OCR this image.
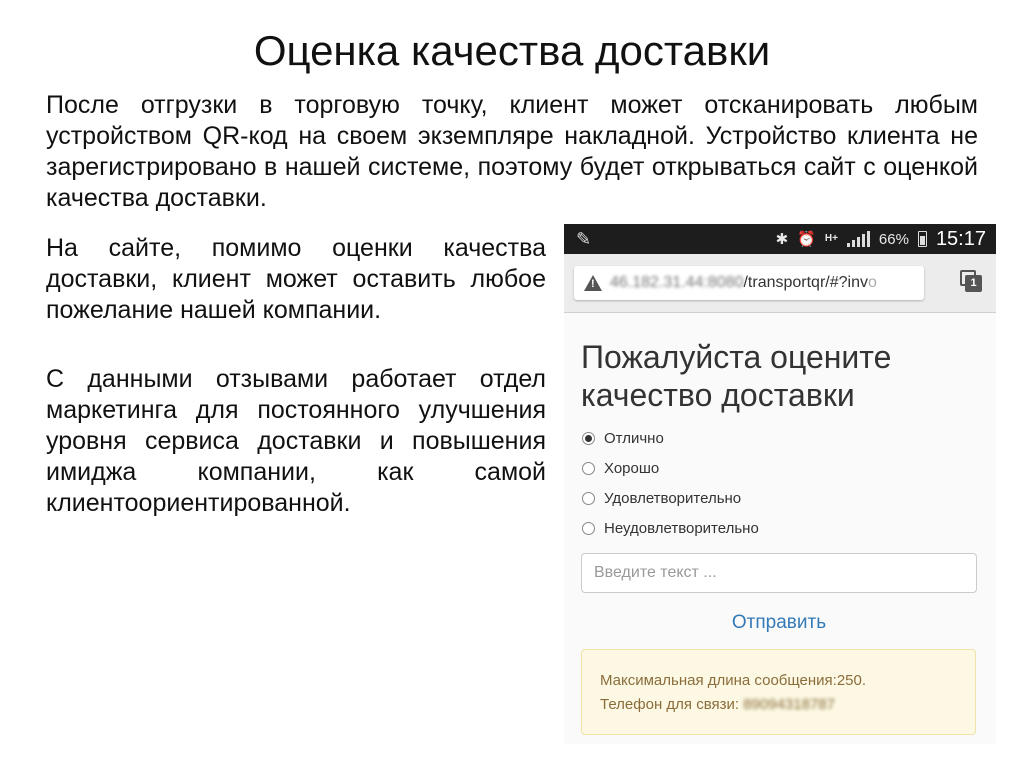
Оценка качества доставки

После отгрузки в торговую точку, клиент может отсканировать любым устройством QR-код на своем экземпляре накладной. Устройство клиента не зарегистрировано в нашей системе, поэтому будет открываться сайт с оценкой качества доставки.

На сайте, помимо оценки качества доставки, клиент может оставить любое пожелание нашей компании.

С данными отзывами работает отдел маркетинга для постоянного улучшения уровня сервиса доставки и повышения имиджа компании, как самой клиентоориентированной.

✎	✱ ⏰ H+	66% 15:17
!
46.182.31.44:8080 /transportqr/#?inv o	1
Пожалуйста оцените качество доставки
Отлично
Хорошо
Удовлетворительно
Неудовлетворительно
Введите текст ...
Отправить
Максимальная длина сообщения:250.
Телефон для связи: 89094318787
